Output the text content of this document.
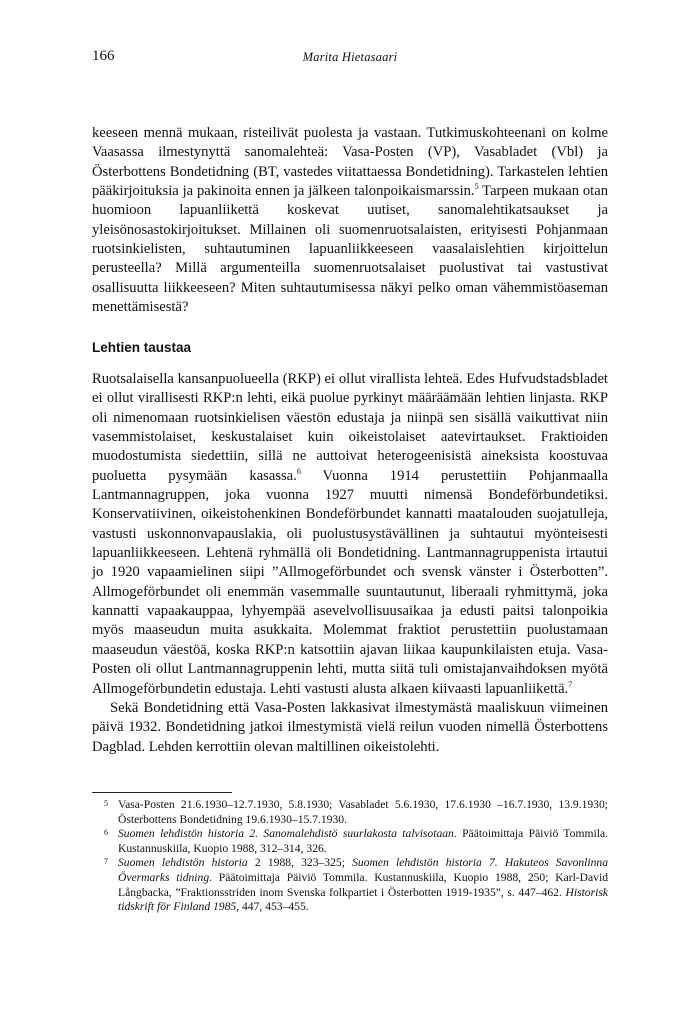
166	Marita Hietasaari

keeseen mennä mukaan, risteilivät puolesta ja vastaan. Tutkimuskohteenani on kolme Vaasassa ilmestynyttä sanomalehteä: Vasa-Posten (VP), Vasabladet (Vbl) ja Österbottens Bondetidning (BT, vastedes viitattaessa Bondetidning). Tarkastelen lehtien pääkirjoituksia ja pakinoita ennen ja jälkeen talonpoikaismarssin.$^5$ Tarpeen mukaan otan huomioon lapuanliikettä koskevat uutiset, sanomalehtikatsaukset ja yleisönosastokirjoitukset. Millainen oli suomenruotsalaisten, erityisesti Pohjanmaan ruotsinkielisten, suhtautuminen lapuanliikkeeseen vaasalaislehtien kirjoittelun perusteella? Millä argumenteilla suomenruotsalaiset puolustivat tai vastustivat osallisuutta liikkeeseen? Miten suhtautumisessa näkyi pelko oman vähemmistöaseman menettämisestä?

Lehtien taustaa

Ruotsalaisella kansanpuolueella (RKP) ei ollut virallista lehteä. Edes Hufvudstadsbladet ei ollut virallisesti RKP:n lehti, eikä puolue pyrkinyt määräämään lehtien linjasta. RKP oli nimenomaan ruotsinkielisen väestön edustaja ja niinpä sen sisällä vaikuttivat niin vasemmistolaiset, keskustalaiset kuin oikeistolaiset aatevirtaukset. Fraktioiden muodostumista siedettiin, sillä ne auttoivat heterogeenisistä aineksista koostuvaa puoluetta pysymään kasassa.$^6$ Vuonna 1914 perustettiin Pohjanmaalla Lantmannagruppen, joka vuonna 1927 muutti nimensä Bondeförbundetiksi. Konservatiivinen, oikeistohenkinen Bondeförbundet kannatti maatalouden suojatulleja, vastusti uskonnonvapauslakia, oli puolustusystävällinen ja suhtautui myönteisesti lapuanliikkeeseen. Lehtenä ryhmällä oli Bondetidning. Lantmannagruppenista irtautui jo 1920 vapaamielinen siipi ”Allmogeförbundet och svensk vänster i Österbotten”. Allmogeförbundet oli enemmän vasemmalle suuntautunut, liberaali ryhmittymä, joka kannatti vapaakauppaa, lyhyempää asevelvollisuusaikaa ja edusti paitsi talonpoikia myös maaseudun muita asukkaita. Molemmat fraktiot perustettiin puolustamaan maaseudun väestöä, koska RKP:n katsottiin ajavan liikaa kaupunkilaisten etuja. Vasa-Posten oli ollut Lantmannagruppenin lehti, mutta siitä tuli omistajanvaihdoksen myötä Allmogeförbundetin edustaja. Lehti vastusti alusta alkaen kiivaasti lapuanliikettä.$^7$

Sekä Bondetidning että Vasa-Posten lakkasivat ilmestymästä maaliskuun viimeinen päivä 1932. Bondetidning jatkoi ilmestymistä vielä reilun vuoden nimellä Österbottens Dagblad. Lehden kerrottiin olevan maltillinen oikeistolehti.

5 Vasa-Posten 21.6.1930–12.7.1930, 5.8.1930; Vasabladet 5.6.1930, 17.6.1930 –16.7.1930, 13.9.1930; Österbottens Bondetidning 19.6.1930–15.7.1930.
6 Suomen lehdistön historia 2. Sanomalehdistö suurlakosta talvisotaan. Päätoimittaja Päiviö Tommila. Kustannuskiila, Kuopio 1988, 312–314, 326.
7 Suomen lehdistön historia 2 1988, 323–325; Suomen lehdistön historia 7. Hakuteos Savonlinna Övermarks tidning. Päätoimittaja Päiviö Tommila. Kustannuskiila, Kuopio 1988, 250; Karl-David Långbacka, ”Fraktionsstriden inom Svenska folkpartiet i Österbotten 1919-1935”, s. 447–462. Historisk tidskrift för Finland 1985, 447, 453–455.
